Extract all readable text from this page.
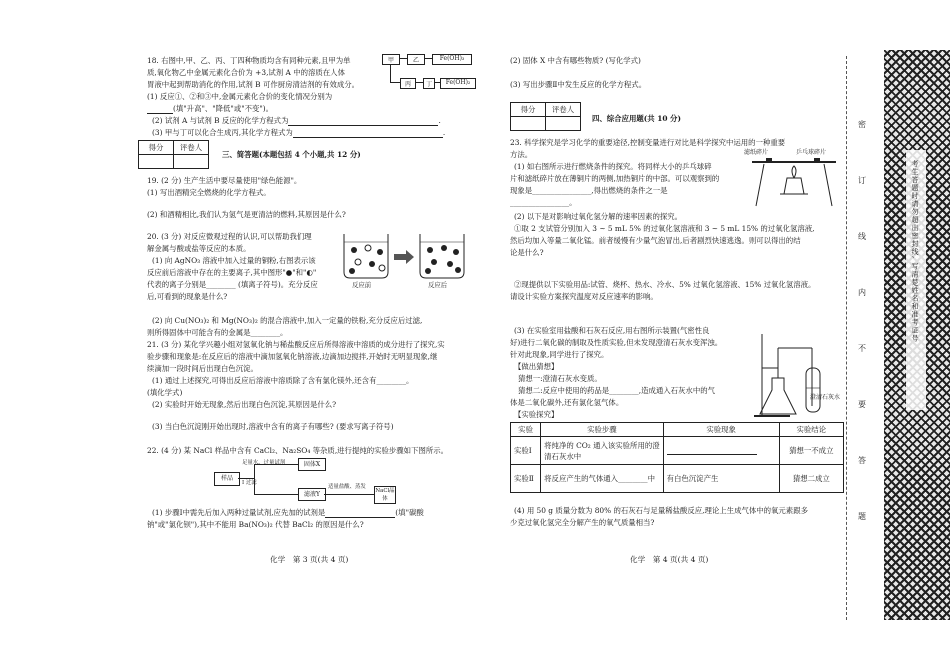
18. 右图中,甲、乙、丙、丁四种物质均含有同种元素,且甲为单
质,氧化物乙中金属元素化合价为 +3,试剂 A 中的溶质在人体
胃液中起到帮助消化的作用,试剂 B 可作厨房清洁剂的有效成分。
(1) 反应①、②和③中,金属元素化合价的变化情况分别为
(填"升高"、"降低"或"不变")。
(2) 试剂 A 与试剂 B 反应的化学方程式为	.
(3) 甲与丁可以化合生成丙,其化学方程式为	.
甲	乙	Fe(OH)₃
丙	丁	Fe(OH)₂
得分	评卷人

三、简答题(本题包括 4 个小题,共 12 分)
19. (2 分) 生产生活中要尽量使用"绿色能源"。
(1) 写出酒精完全燃烧的化学方程式。
(2) 和酒精相比,我们认为氢气是更清洁的燃料,其原因是什么?
20. (3 分) 对反应微观过程的认识,可以帮助我们理
解金属与酸或盐等反应的本质。
(1) 向 AgNO₃ 溶液中加入过量的铜粉,右图表示该
反应前后溶液中存在的主要离子,其中图形"●"和"◐"
代表的离子分别是________ (填离子符号)。充分反应
后,可看到的现象是什么?
反应前	反应后
(2) 向 Cu(NO₃)₂ 和 Mg(NO₃)₂ 的混合溶液中,加入一定量的铁粉,充分反应后过滤,
则所得固体中可能含有的金属是________。
21. (3 分) 某化学兴趣小组对氢氧化钠与稀盐酸反应后所得溶液中溶质的成分进行了探究,实
验步骤和现象是:在反应后的溶液中滴加氢氧化钠溶液,边滴加边搅拌,开始时无明显现象,继
续滴加一段时间后出现白色沉淀。
(1) 通过上述探究,可得出反应后溶液中溶质除了含有氯化镁外,还含有________。
(填化学式)
(2) 实验时开始无现象,然后出现白色沉淀,其原因是什么?
(3) 当白色沉淀刚开始出现时,溶液中含有的离子有哪些? (要求写离子符号)
22. (4 分) 某 NaCl 样品中含有 CaCl₂、Na₂SO₄ 等杂质,进行提纯的实验步骤如下图所示。
样品
足量水、过量试剂
Ⅰ 过滤
固体X
滤液Y
适量盐酸、蒸发
NaCl晶体
(1) 步骤Ⅰ中需先后加入两种过量试剂,应先加的试剂是	(填"碳酸
钠"或"氯化钡"),其中不能用 Ba(NO₃)₂ 代替 BaCl₂ 的原因是什么?
化学　第 3 页(共 4 页)
(2) 固体 X 中含有哪些物质? (写化学式)
(3) 写出步骤Ⅱ中发生反应的化学方程式。
得分	评卷人

四、综合应用题(共 10 分)
23. 科学探究是学习化学的重要途径,控制变量进行对比是科学探究中运用的一种重要
方法。
(1) 如右图所示进行燃烧条件的探究。将同样大小的乒乓球碎
片和滤纸碎片放在薄铜片的两侧,加热铜片的中部。可以观察到的
现象是________________,得出燃烧的条件之一是
________________。
滤纸碎片	乒乓球碎片
(2) 以下是对影响过氧化氢分解的速率因素的探究。
①取 2 支试管分别加入 3 ~ 5 mL 5% 的过氧化氢溶液和 3 ~ 5 mL 15% 的过氧化氢溶液,
然后均加入等量二氧化锰。前者缓慢有少量气泡冒出,后者剧烈快速逃逸。则可以得出的结
论是什么?
②现提供以下实验用品:试管、烧杯、热水、冷水、5% 过氧化氢溶液、15% 过氧化氢溶液。
请设计实验方案探究温度对反应速率的影响。
(3) 在实验室用盐酸和石灰石反应,用右图所示装置(气密性良
好)进行二氧化碳的制取及性质实验,但未发现澄清石灰水变浑浊。
针对此现象,同学进行了探究。
【做出猜想】
猜想一:澄清石灰水变质。
猜想二:反应中使用的药品是________,造成通入石灰水中的气
体是二氧化碳外,还有氯化氢气体。
【实验探究】
澄清石灰水
实验	实验步骤	实验现象	实验结论
实验Ⅰ	将纯净的 CO₂ 通入该实验所用的澄清石灰水中		猜想一不成立
实验Ⅱ	将反应产生的气体通入________中	有白色沉淀产生	猜想二成立
(4) 用 50 g 质量分数为 80% 的石灰石与足量稀盐酸反应,理论上生成气体中的氧元素跟多
少克过氧化氢完全分解产生的氧气质量相当?
化学　第 4 页(共 4 页)
密
订
线
内
不
要
答
题
考生答题时请勿超出密封线, 写清楚姓名和准考证号
